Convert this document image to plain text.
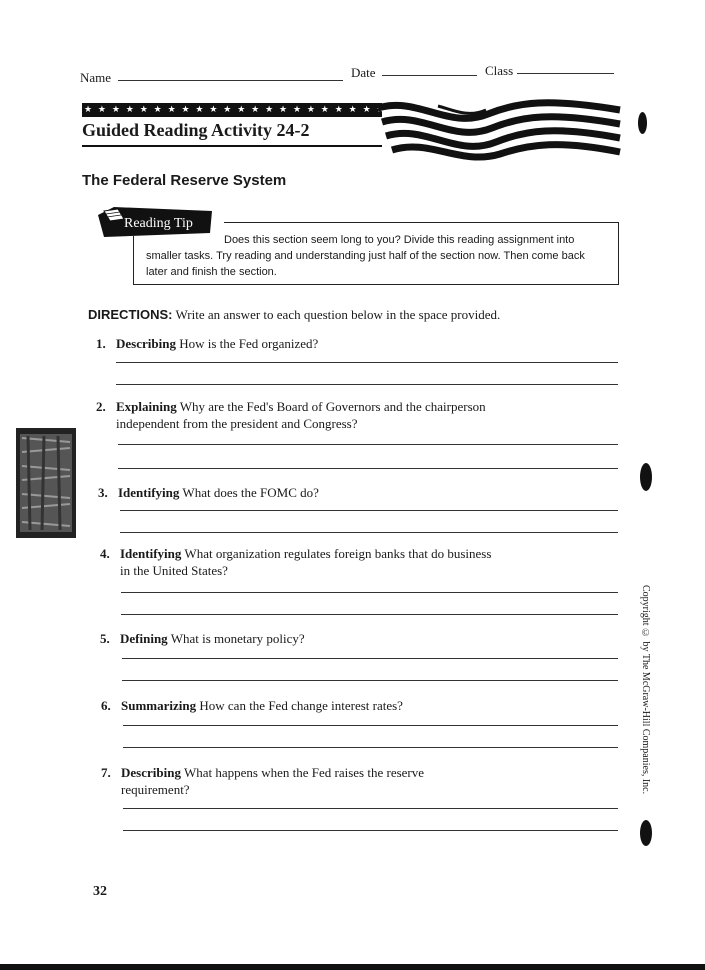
Name	Date	Class
★ ★ ★ ★ ★ ★ ★ ★ ★ ★ ★ ★ ★ ★ ★ ★ ★ ★ ★ ★ ★ ★ ★ ★ ★ ★ ★ ★ ★ ★ ★ ★
Guided Reading Activity 24-2
The Federal Reserve System
Reading Tip
Does this section seem long to you? Divide this reading assignment into smaller tasks. Try reading and understanding just half of the section now. Then come back later and finish the section.
DIRECTIONS: Write an answer to each question below in the space provided.
1. Describing How is the Fed organized?
2. Explaining Why are the Fed's Board of Governors and the chairperson
independent from the president and Congress?
3. Identifying What does the FOMC do?
4. Identifying What organization regulates foreign banks that do business
in the United States?
5. Defining What is monetary policy?
6. Summarizing How can the Fed change interest rates?
7. Describing What happens when the Fed raises the reserve
requirement?	Copyright © by The McGraw-Hill Companies, Inc.
32
